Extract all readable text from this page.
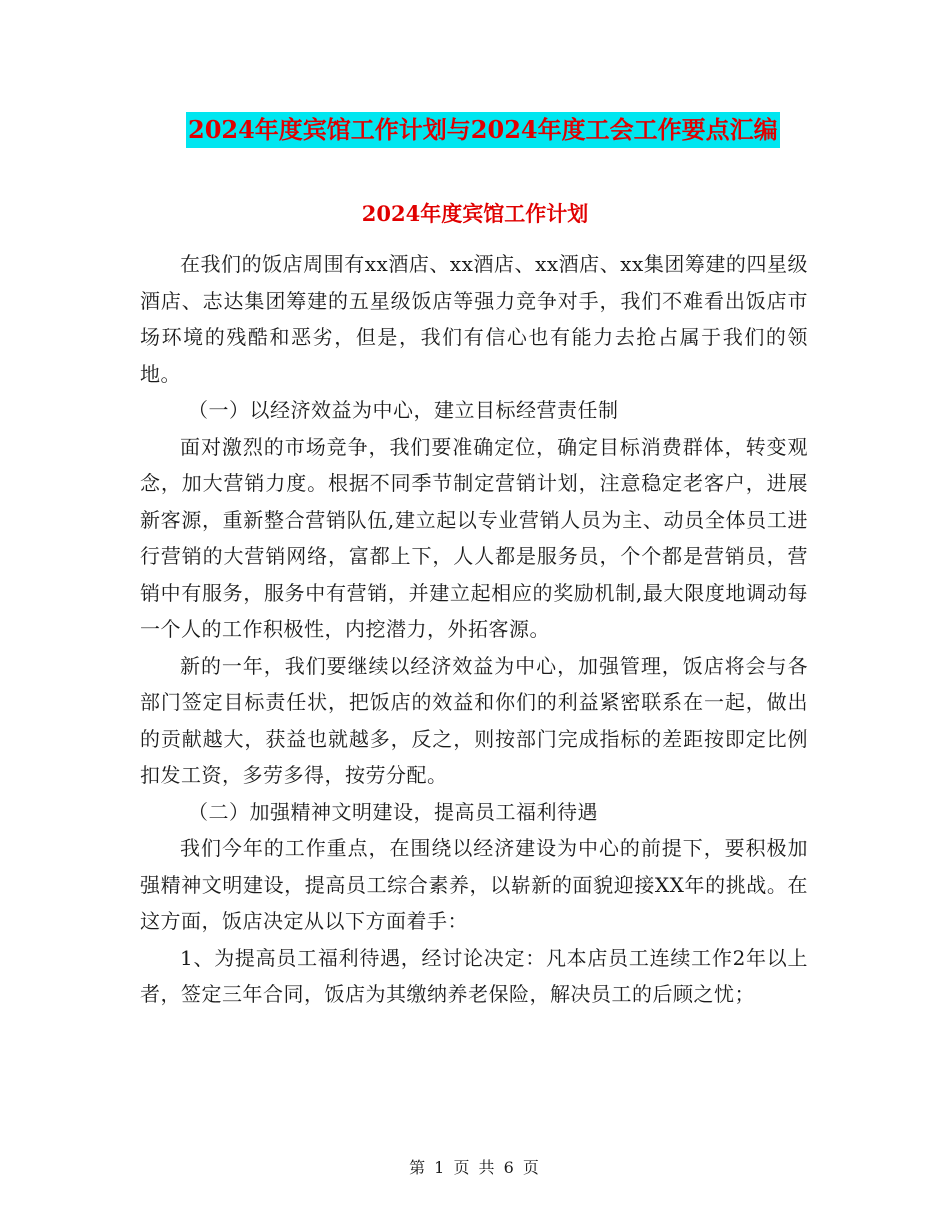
2024年度宾馆工作计划与2024年度工会工作要点汇编
2024年度宾馆工作计划

在我们的饭店周围有xx酒店、xx酒店、xx酒店、xx集团筹建的四星级酒店、志达集团筹建的五星级饭店等强力竞争对手，我们不难看出饭店市场环境的残酷和恶劣，但是，我们有信心也有能力去抢占属于我们的领地。

（一）以经济效益为中心，建立目标经营责任制

面对激烈的市场竞争，我们要准确定位，确定目标消费群体，转变观念，加大营销力度。根据不同季节制定营销计划，注意稳定老客户，进展新客源，重新整合营销队伍,建立起以专业营销人员为主、动员全体员工进行营销的大营销网络，富都上下，人人都是服务员，个个都是营销员，营销中有服务，服务中有营销，并建立起相应的奖励机制,最大限度地调动每一个人的工作积极性，内挖潜力，外拓客源。

新的一年，我们要继续以经济效益为中心，加强管理，饭店将会与各部门签定目标责任状，把饭店的效益和你们的利益紧密联系在一起，做出的贡献越大，获益也就越多，反之，则按部门完成指标的差距按即定比例扣发工资，多劳多得，按劳分配。

（二）加强精神文明建设，提高员工福利待遇

我们今年的工作重点，在围绕以经济建设为中心的前提下，要积极加强精神文明建设，提高员工综合素养，以崭新的面貌迎接XX年的挑战。在这方面，饭店决定从以下方面着手：

1、为提高员工福利待遇，经讨论决定：凡本店员工连续工作2年以上者，签定三年合同，饭店为其缴纳养老保险，解决员工的后顾之忧；

第 1 页 共 6 页
